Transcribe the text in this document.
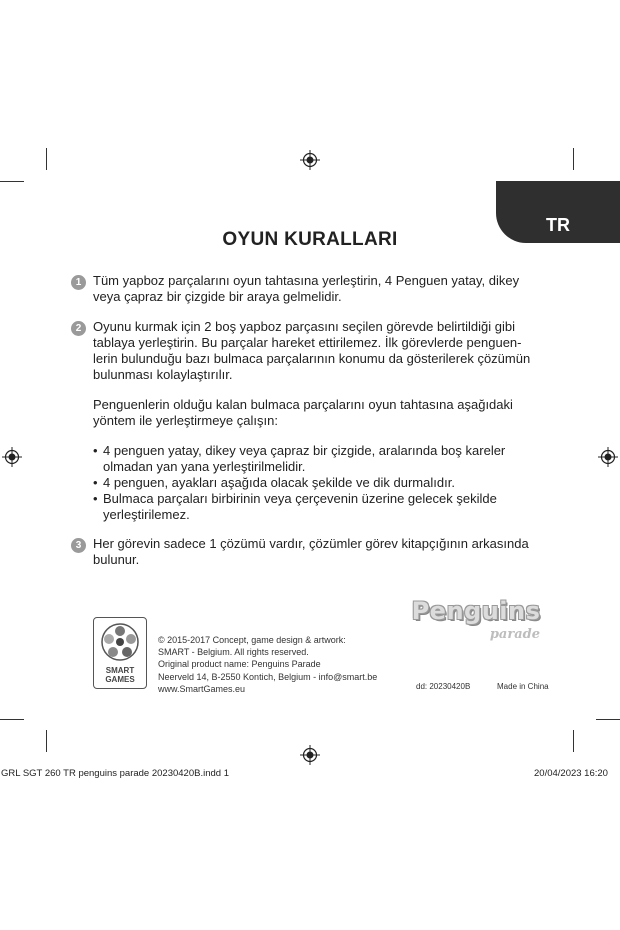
TR
OYUN KURALLARI
1 Tüm yapboz parçalarını oyun tahtasına yerleştirin, 4 Penguen yatay, dikey
veya çapraz bir çizgide bir araya gelmelidir.
2 Oyunu kurmak için 2 boş yapboz parçasını seçilen görevde belirtildiği gibi
tablaya yerleştirin. Bu parçalar hareket ettirilemez. İlk görevlerde penguen-
lerin bulunduğu bazı bulmaca parçalarının konumu da gösterilerek çözümün
bulunması kolaylaştırılır.
Penguenlerin olduğu kalan bulmaca parçalarını oyun tahtasına aşağıdaki
yöntem ile yerleştirmeye çalışın:
• 4 penguen yatay, dikey veya çapraz bir çizgide, aralarında boş kareler
olmadan yan yana yerleştirilmelidir.
• 4 penguen, ayakları aşağıda olacak şekilde ve dik durmalıdır.
• Bulmaca parçaları birbirinin veya çerçevenin üzerine gelecek şekilde
yerleştirilemez.
3 Her görevin sadece 1 çözümü vardır, çözümler görev kitapçığının arkasında
bulunur.
SMART
GAMES
© 2015-2017 Concept, game design & artwork:
SMART - Belgium. All rights reserved.
Original product name: Penguins Parade
Neerveld 14, B-2550 Kontich, Belgium - info@smart.be
www.SmartGames.eu
Penguins
parade
dd: 20230420B	Made in China
GRL SGT 260 TR penguins parade 20230420B.indd 1	20/04/2023 16:20
